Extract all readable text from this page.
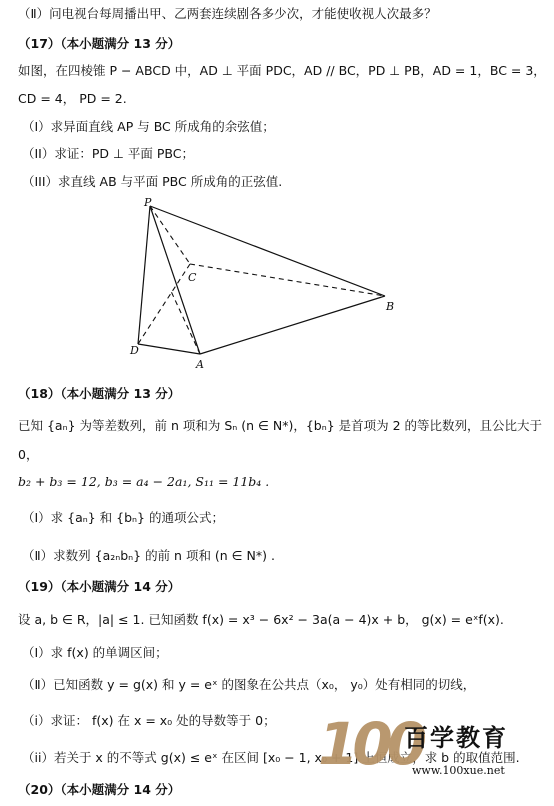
（Ⅱ）问电视台每周播出甲、乙两套连续剧各多少次，才能使收视人次最多？
（17）（本小题满分 13 分）
如图，在四棱锥 P − ABCD 中，AD ⊥ 平面 PDC，AD // BC，PD ⊥ PB，AD = 1，BC = 3，
CD = 4， PD = 2.
（I）求异面直线 AP 与 BC 所成角的余弦值；
（II）求证：PD ⊥ 平面 PBC；
（III）求直线 AB 与平面 PBC 所成角的正弦值.
P
C
B
D
A
（18）（本小题满分 13 分）
已知 {aₙ} 为等差数列，前 n 项和为 Sₙ (n ∈ N*)，{bₙ} 是首项为 2 的等比数列，且公比大于
0，
b₂ + b₃ = 12, b₃ = a₄ − 2a₁, S₁₁ = 11b₄ .
（Ⅰ）求 {aₙ} 和 {bₙ} 的通项公式；
（Ⅱ）求数列 {a₂ₙbₙ} 的前 n 项和 (n ∈ N*) .
（19）（本小题满分 14 分）
设 a, b ∈ R，|a| ≤ 1. 已知函数 f(x) = x³ − 6x² − 3a(a − 4)x + b， g(x) = eˣf(x).
（Ⅰ）求 f(x) 的单调区间；
（Ⅱ）已知函数 y = g(x) 和 y = eˣ 的图象在公共点（x₀， y₀）处有相同的切线，
（i）求证： f(x) 在 x = x₀ 处的导数等于 0；
（ii）若关于 x 的不等式 g(x) ≤ eˣ 在区间 [x₀ − 1, x₀ + 1] 上恒成立，求 b 的取值范围.
（20）（本小题满分 14 分）
100
百学教育
www.100xue.net
